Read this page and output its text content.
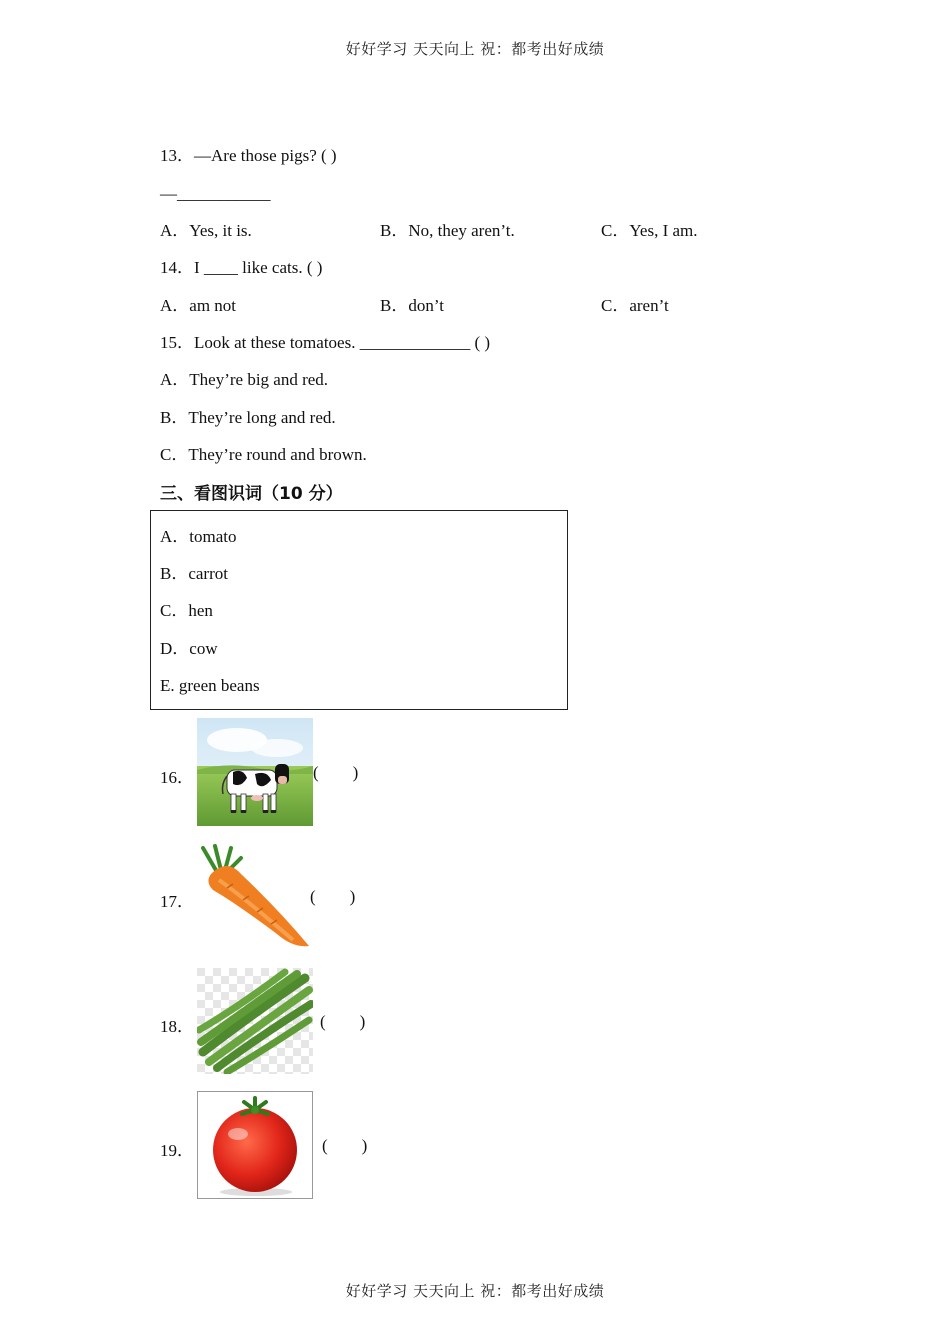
好好学习 天天向上 祝：都考出好成绩
13．—Are those pigs? ( )
—___________
A．Yes, it is.	B．No, they aren’t.	C．Yes, I am.
14．I ____ like cats. ( )
A．am not	B．don’t	C．aren’t
15．Look at these tomatoes. _____________ ( )
A．They’re big and red.
B．They’re long and red.
C．They’re round and brown.
三、看图识词（10 分）
A．tomato
B．carrot
C．hen
D．cow
E. green beans
16．	(        )
17．	(        )
18．	(        )
19．	(        )
好好学习 天天向上 祝：都考出好成绩
